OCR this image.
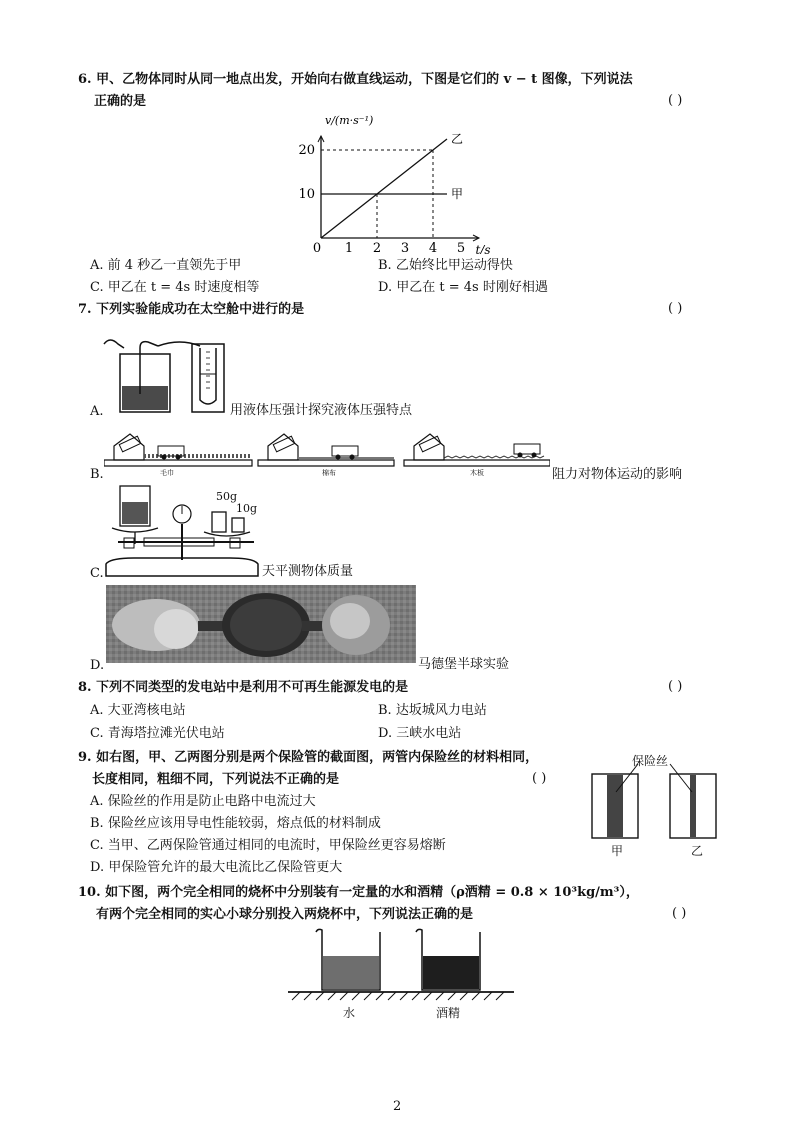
6. 甲、乙物体同时从同一地点出发，开始向右做直线运动，下图是它们的 v − t 图像，下列说法
正确的是	( )
10
20
0 1 2 3 4 5 t/s
v/(m·s⁻¹)
甲
乙
A. 前 4 秒乙一直领先于甲	B. 乙始终比甲运动得快
C. 甲乙在 t = 4s 时速度相等	D. 甲乙在 t = 4s 时刚好相遇
7. 下列实验能成功在太空舱中进行的是	( )
A.	用液体压强计探究液体压强特点
毛巾	棉布	木板
B.	阻力对物体运动的影响
50g
10g
C.	天平测物体质量
D.	马德堡半球实验
8. 下列不同类型的发电站中是利用不可再生能源发电的是	( )
A. 大亚湾核电站	B. 达坂城风力电站
C. 青海塔拉滩光伏电站	D. 三峡水电站
9. 如右图，甲、乙两图分别是两个保险管的截面图，两管内保险丝的材料相同，
长度相同，粗细不同，下列说法不正确的是	( )
A. 保险丝的作用是防止电路中电流过大
B. 保险丝应该用导电性能较弱，熔点低的材料制成
C. 当甲、乙两保险管通过相同的电流时，甲保险丝更容易熔断
D. 甲保险管允许的最大电流比乙保险管更大
保险丝
甲	乙
10. 如下图，两个完全相同的烧杯中分别装有一定量的水和酒精（ρ酒精 = 0.8 × 10³kg/m³），
有两个完全相同的实心小球分别投入两烧杯中，下列说法正确的是	( )
水	酒精
2
